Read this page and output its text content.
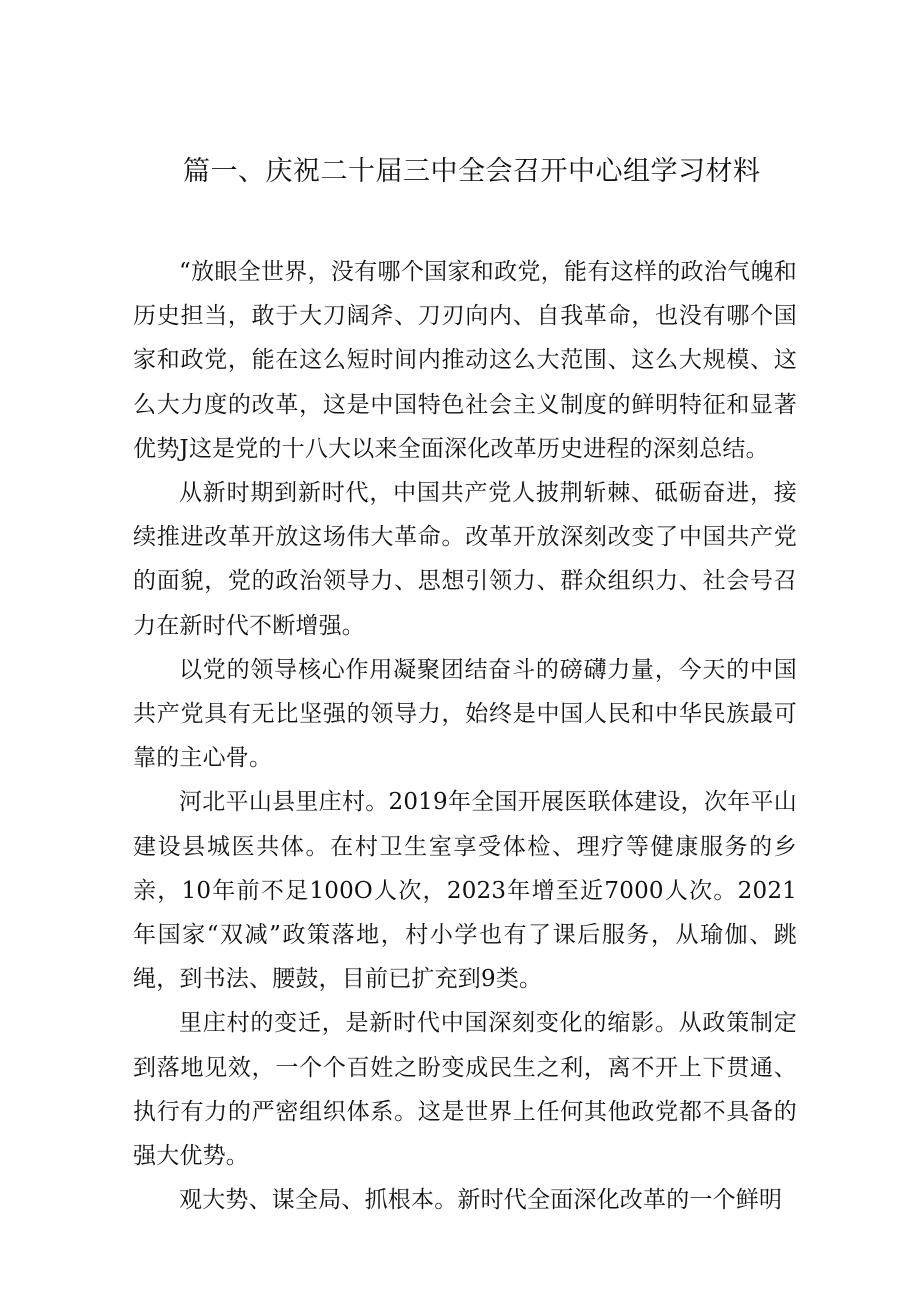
篇一、庆祝二十届三中全会召开中心组学习材料

“放眼全世界，没有哪个国家和政党，能有这样的政治气魄和历史担当，敢于大刀阔斧、刀刃向内、自我革命，也没有哪个国家和政党，能在这么短时间内推动这么大范围、这么大规模、这么大力度的改革，这是中国特色社会主义制度的鲜明特征和显著优势J这是党的十八大以来全面深化改革历史进程的深刻总结。

从新时期到新时代，中国共产党人披荆斩棘、砥砺奋进，接续推进改革开放这场伟大革命。改革开放深刻改变了中国共产党的面貌，党的政治领导力、思想引领力、群众组织力、社会号召力在新时代不断增强。

以党的领导核心作用凝聚团结奋斗的磅礴力量，今天的中国共产党具有无比坚强的领导力，始终是中国人民和中华民族最可靠的主心骨。

河北平山县里庄村。2019年全国开展医联体建设，次年平山建设县城医共体。在村卫生室享受体检、理疗等健康服务的乡亲，10年前不足100O人次，2023年增至近7000人次。2021年国家“双减”政策落地，村小学也有了课后服务，从瑜伽、跳绳，到书法、腰鼓，目前已扩充到9类。

里庄村的变迁，是新时代中国深刻变化的缩影。从政策制定到落地见效，一个个百姓之盼变成民生之利，离不开上下贯通、执行有力的严密组织体系。这是世界上任何其他政党都不具备的强大优势。

观大势、谋全局、抓根本。新时代全面深化改革的一个鲜明
